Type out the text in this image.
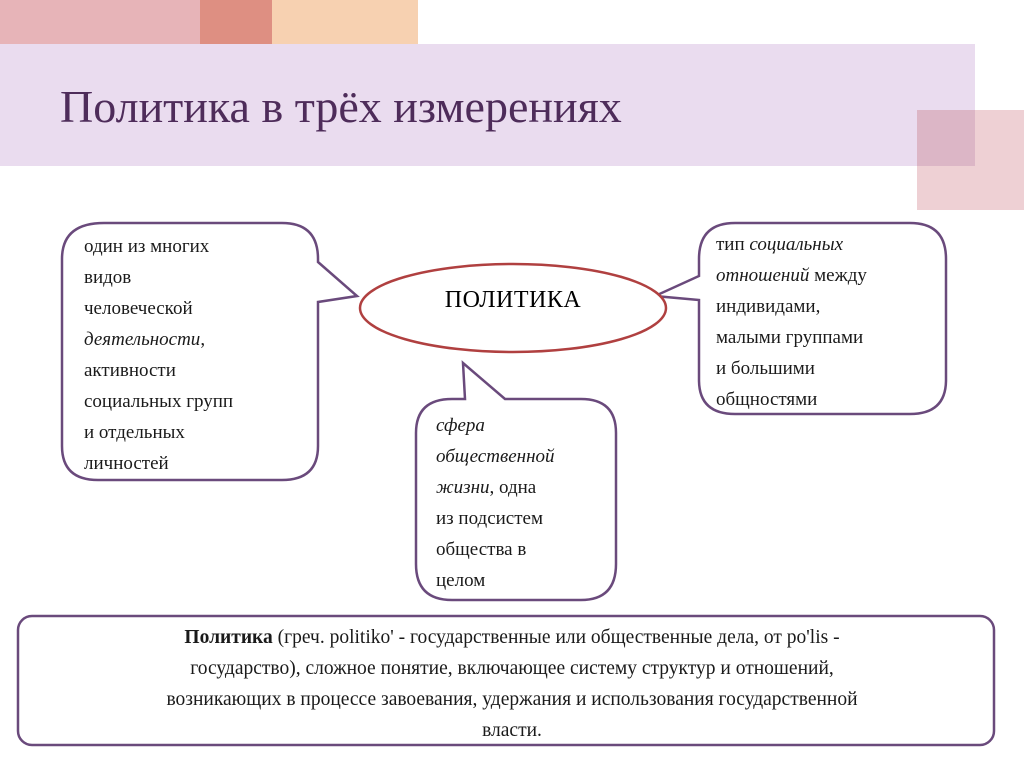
Политика в трёх измерениях
ПОЛИТИКА
один из многих
видов
человеческой
деятельности,
активности
социальных групп
и отдельных
личностей
тип социальных
отношений между
индивидами,
малыми группами
и большими
общностями
сфера
общественной
жизни, одна
из подсистем
общества в
целом
Политика (греч. politiko' - государственные или общественные дела, от po'lis -
государство), сложное понятие, включающее систему структур и отношений,
возникающих в процессе завоевания, удержания и использования государственной
власти.
